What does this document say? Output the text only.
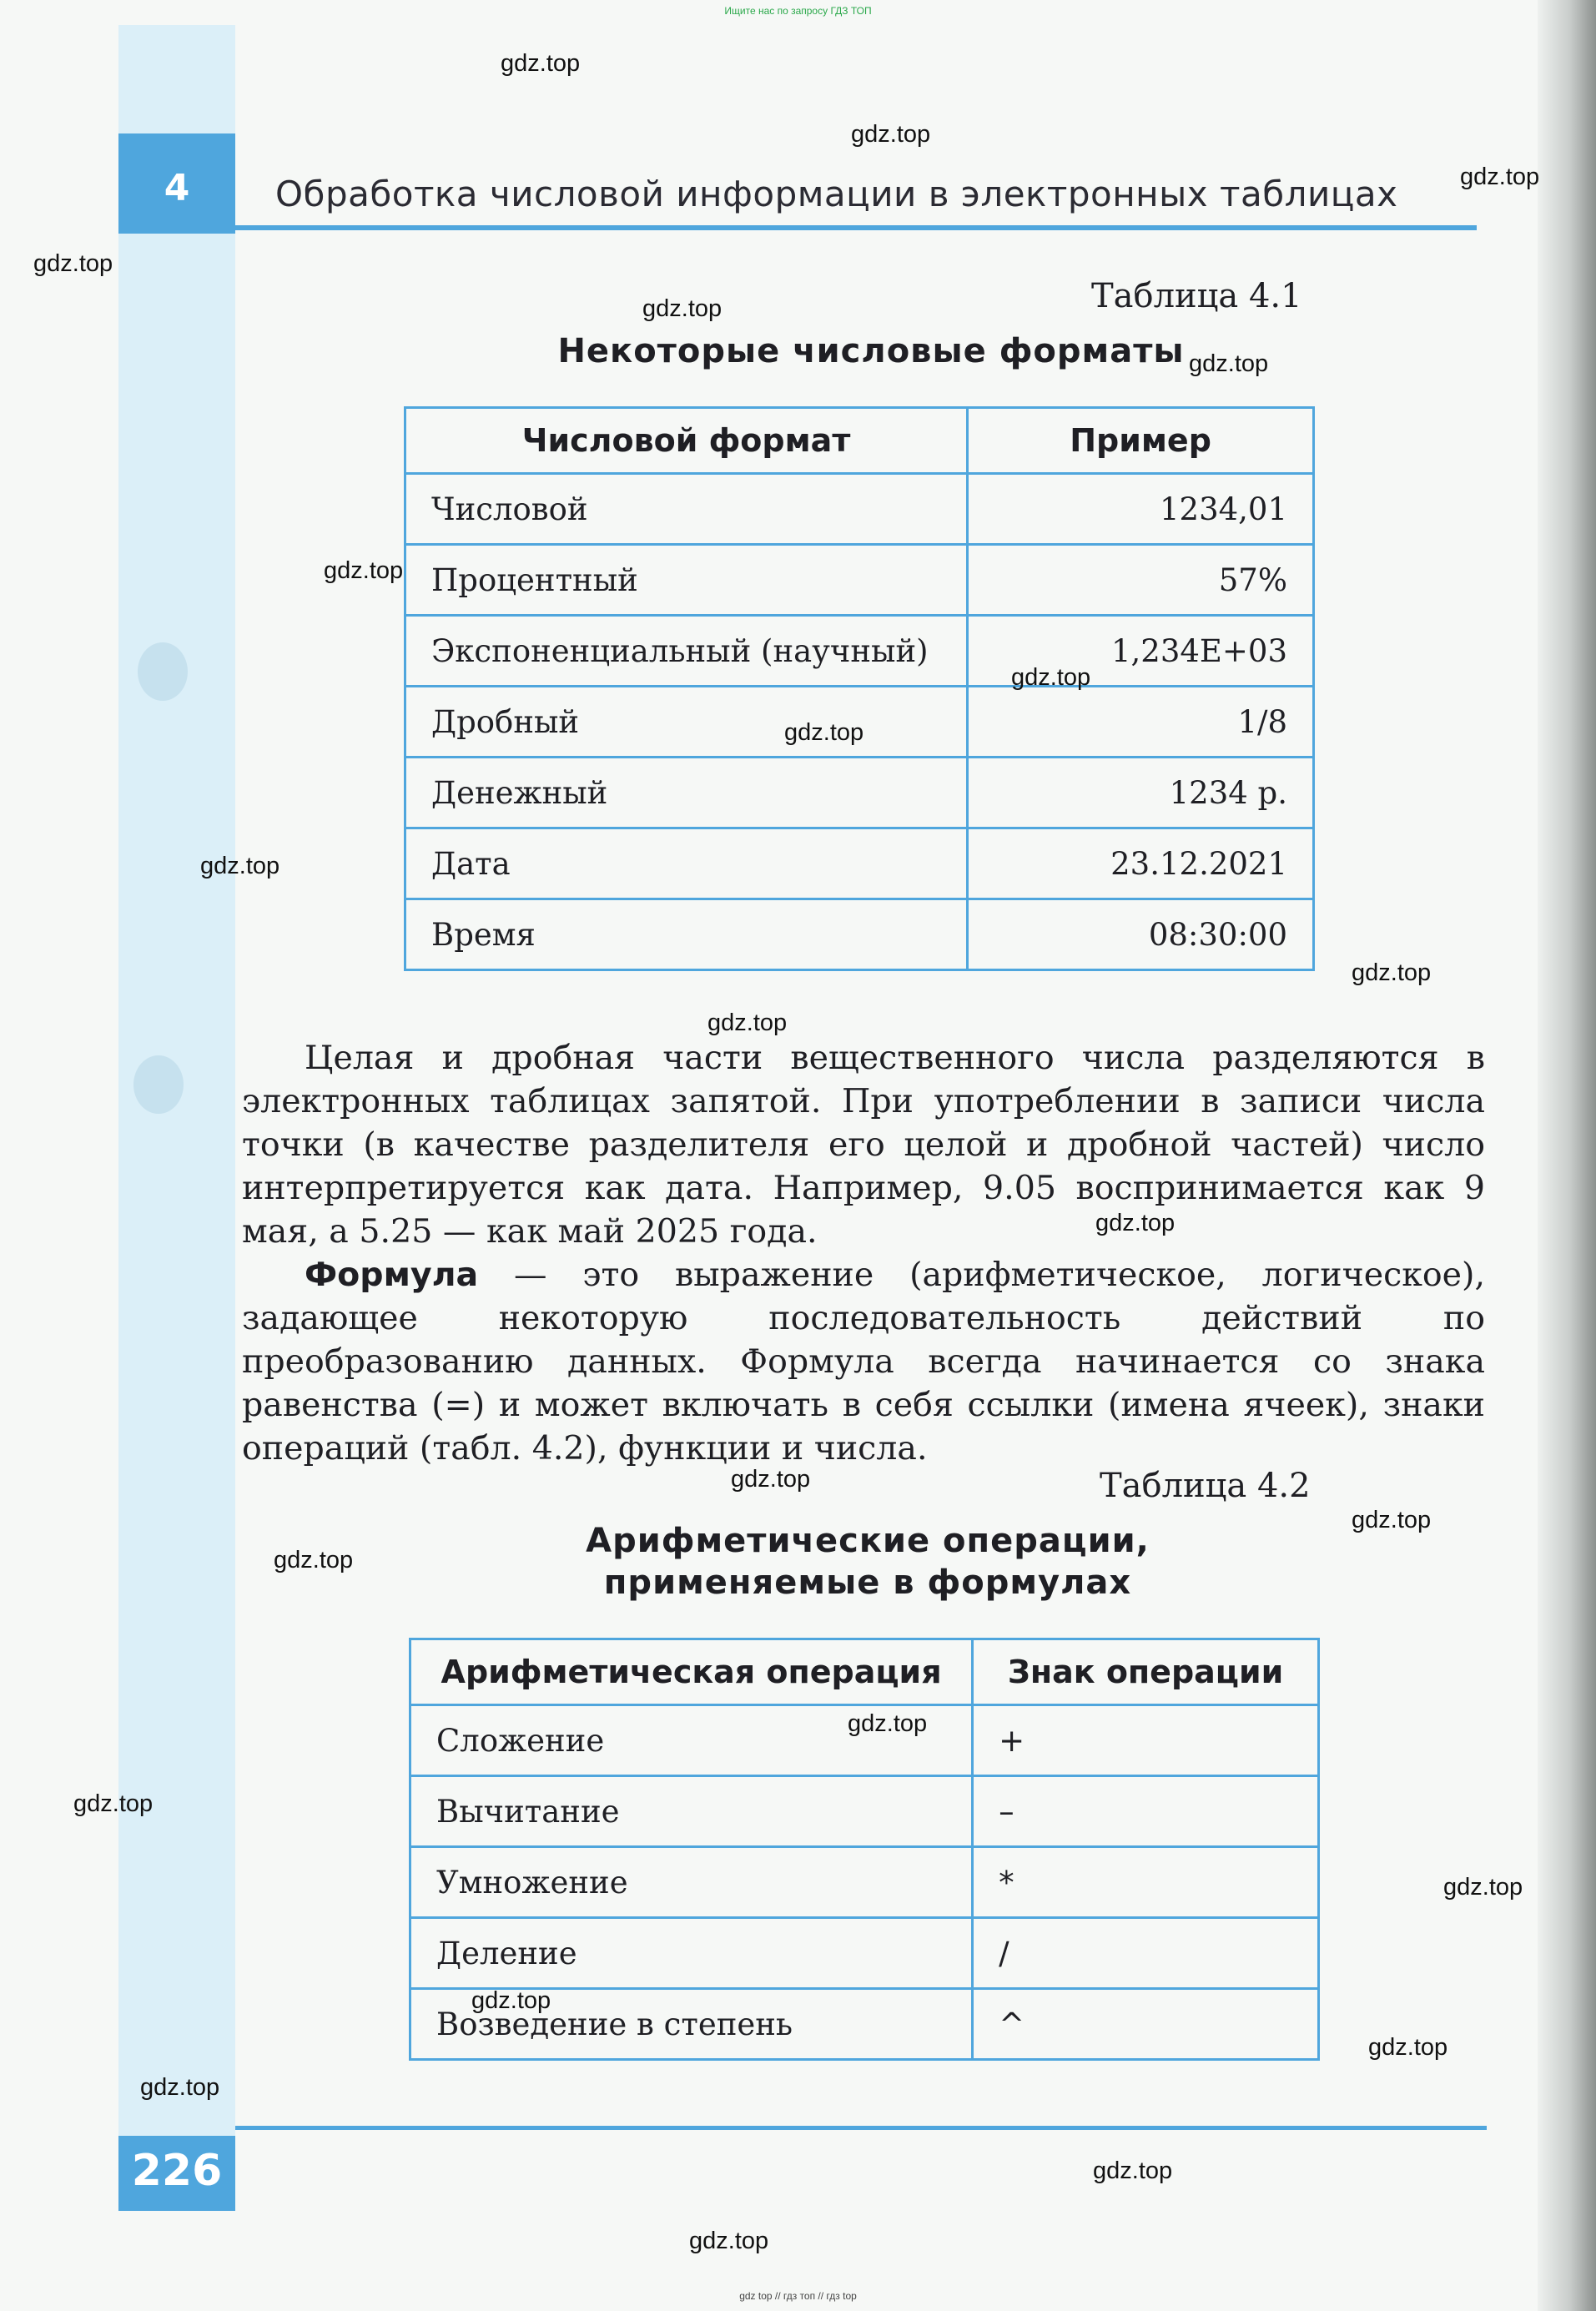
Ищите нас по запросу ГДЗ ТОП
4	Обработка числовой информации в электронных таблицах
Таблица 4.1
Некоторые числовые форматы
Числовой формат	Пример
Числовой	1234,01
Процентный	57%
Экспоненциальный (научный)	1,234E+03
Дробный	1/8
Денежный	1234 р.
Дата	23.12.2021
Время	08:30:00

Целая и дробная части вещественного числа разделяются в электронных таблицах запятой. При употреблении в записи числа точки (в качестве разделителя его целой и дробной частей) число интерпретируется как дата. Например, 9.05 воспринимается как 9 мая, а 5.25 — как май 2025 года.

Формула — это выражение (арифметическое, логическое), задающее некоторую последовательность действий по преобразованию данных. Формула всегда начинается со знака равенства (=) и может включать в себя ссылки (имена ячеек), знаки операций (табл. 4.2), функции и числа.

Таблица 4.2
Арифметические операции,
применяемые в формулах
Арифметическая операция	Знак операции
Сложение	+
Вычитание	–
Умножение	*
Деление	/
Возведение в степень	^
226
gdz.top
gdz.top
gdz.top
gdz.top
gdz.top
gdz.top
gdz.top
gdz.top
gdz.top
gdz.top
gdz.top
gdz.top
gdz.top
gdz.top
gdz.top
gdz.top
gdz.top
gdz.top
gdz.top
gdz.top
gdz.top
gdz.top
gdz.top
gdz.top
gdz top // гдз топ // гдз top
